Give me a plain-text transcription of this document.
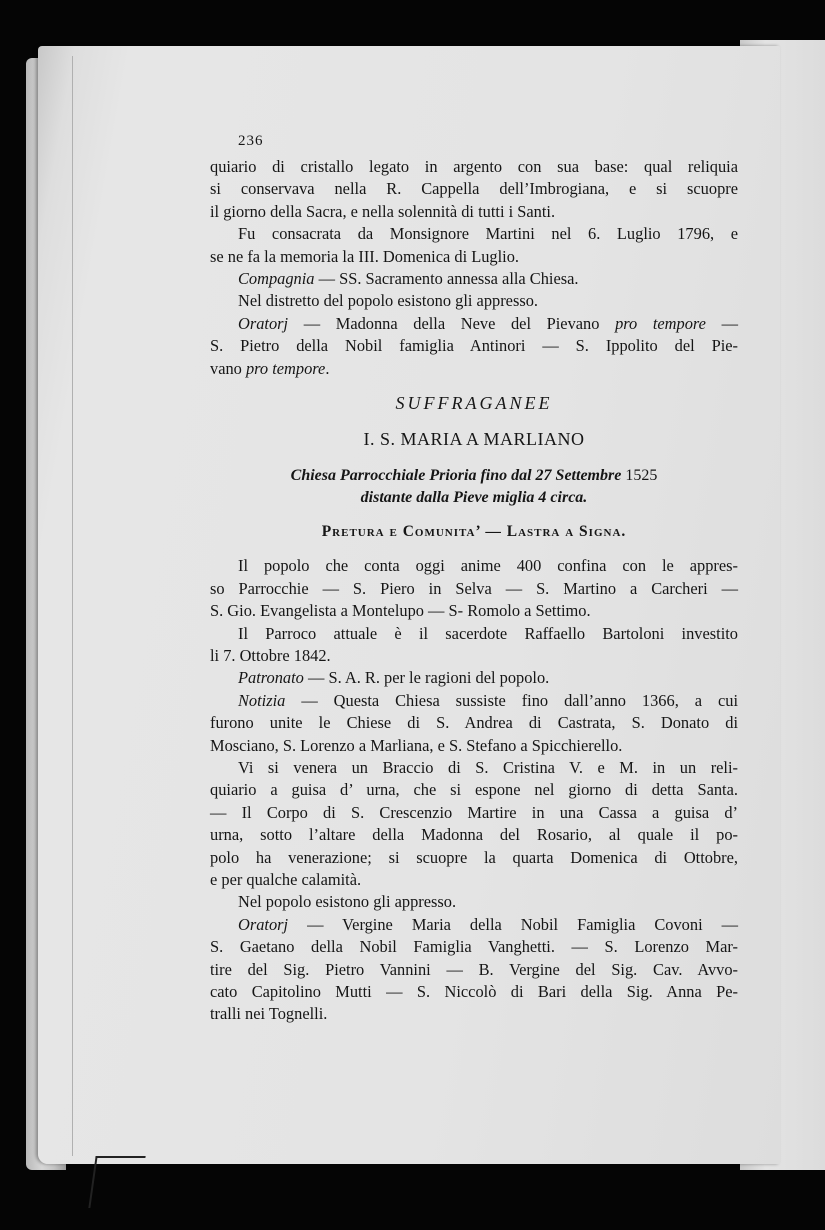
236
quiario di cristallo legato in argento con sua base: qual reliquia
si conservava nella R. Cappella dell’Imbrogiana, e si scuopre
il giorno della Sacra, e nella solennità di tutti i Santi.
Fu consacrata da Monsignore Martini nel 6. Luglio 1796, e
se ne fa la memoria la III. Domenica di Luglio.
Compagnia — SS. Sacramento annessa alla Chiesa.
Nel distretto del popolo esistono gli appresso.
Oratorj — Madonna della Neve del Pievano pro tempore —
S. Pietro della Nobil famiglia Antinori — S. Ippolito del Pie-
vano pro tempore.
SUFFRAGANEE
I. S. MARIA A MARLIANO
Chiesa Parrocchiale Prioria fino dal 27 Settembre 1525
distante dalla Pieve miglia 4 circa.
Pretura e Comunita’ — Lastra a Signa.
Il popolo che conta oggi anime 400 confina con le appres-
so Parrocchie — S. Piero in Selva — S. Martino a Carcheri —
S. Gio. Evangelista a Montelupo — S- Romolo a Settimo.
Il Parroco attuale è il sacerdote Raffaello Bartoloni investito
li 7. Ottobre 1842.
Patronato — S. A. R. per le ragioni del popolo.
Notizia — Questa Chiesa sussiste fino dall’anno 1366, a cui
furono unite le Chiese di S. Andrea di Castrata, S. Donato di
Mosciano, S. Lorenzo a Marliana, e S. Stefano a Spicchierello.
Vi si venera un Braccio di S. Cristina V. e M. in un reli-
quiario a guisa d’ urna, che si espone nel giorno di detta Santa.
— Il Corpo di S. Crescenzio Martire in una Cassa a guisa d’
urna, sotto l’altare della Madonna del Rosario, al quale il po-
polo ha venerazione; si scuopre la quarta Domenica di Ottobre,
e per qualche calamità.
Nel popolo esistono gli appresso.
Oratorj — Vergine Maria della Nobil Famiglia Covoni —
S. Gaetano della Nobil Famiglia Vanghetti. — S. Lorenzo Mar-
tire del Sig. Pietro Vannini — B. Vergine del Sig. Cav. Avvo-
cato Capitolino Mutti — S. Niccolò di Bari della Sig. Anna Pe-
tralli nei Tognelli.
